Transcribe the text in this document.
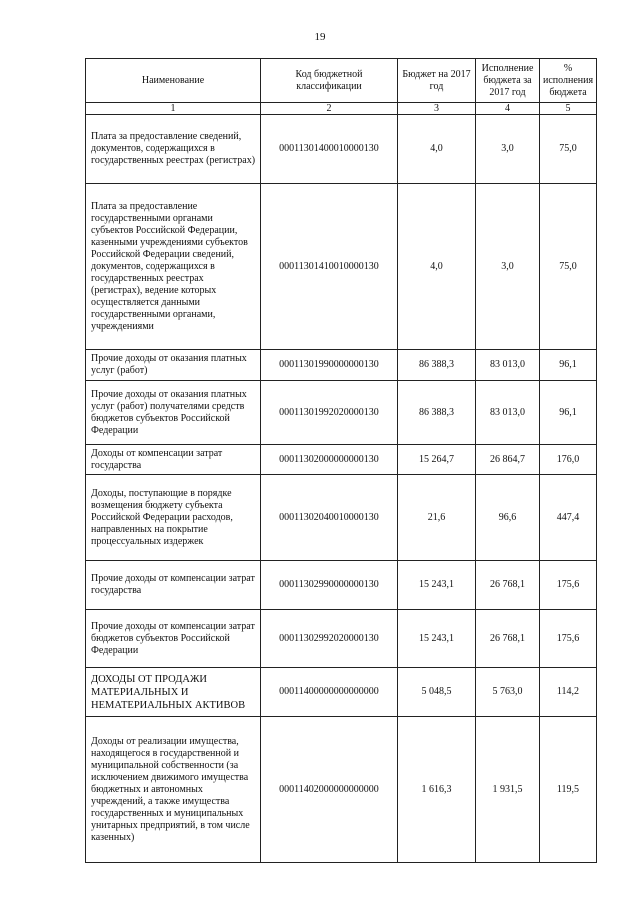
19
Наименование	Код бюджетной классификации	Бюджет на 2017 год	Исполнение бюджета за 2017 год	% исполнения бюджета
1	2	3	4	5
Плата за предоставление сведений, документов, содержащихся в государственных реестрах (регистрах)	00011301400010000130	4,0	3,0	75,0
Плата за предоставление государственными органами субъектов Российской Федерации, казенными учреждениями субъектов Российской Федерации сведений, документов, содержащихся в государственных реестрах (регистрах), ведение которых осуществляется данными государственными органами, учреждениями	00011301410010000130	4,0	3,0	75,0
Прочие доходы от оказания платных услуг (работ)	00011301990000000130	86 388,3	83 013,0	96,1
Прочие доходы от оказания платных услуг (работ) получателями средств бюджетов субъектов Российской Федерации	00011301992020000130	86 388,3	83 013,0	96,1
Доходы от компенсации затрат государства	00011302000000000130	15 264,7	26 864,7	176,0
Доходы, поступающие в порядке возмещения бюджету субъекта Российской Федерации расходов, направленных на покрытие процессуальных издержек	00011302040010000130	21,6	96,6	447,4
Прочие доходы от компенсации затрат государства	00011302990000000130	15 243,1	26 768,1	175,6
Прочие доходы от компенсации затрат бюджетов субъектов Российской Федерации	00011302992020000130	15 243,1	26 768,1	175,6
ДОХОДЫ ОТ ПРОДАЖИ МАТЕРИАЛЬНЫХ И НЕМАТЕРИАЛЬНЫХ АКТИВОВ	00011400000000000000	5 048,5	5 763,0	114,2
Доходы от реализации имущества, находящегося в государственной и муниципальной собственности (за исключением движимого имущества бюджетных и автономных учреждений, а также имущества государственных и муниципальных унитарных предприятий, в том числе казенных)	00011402000000000000	1 616,3	1 931,5	119,5
